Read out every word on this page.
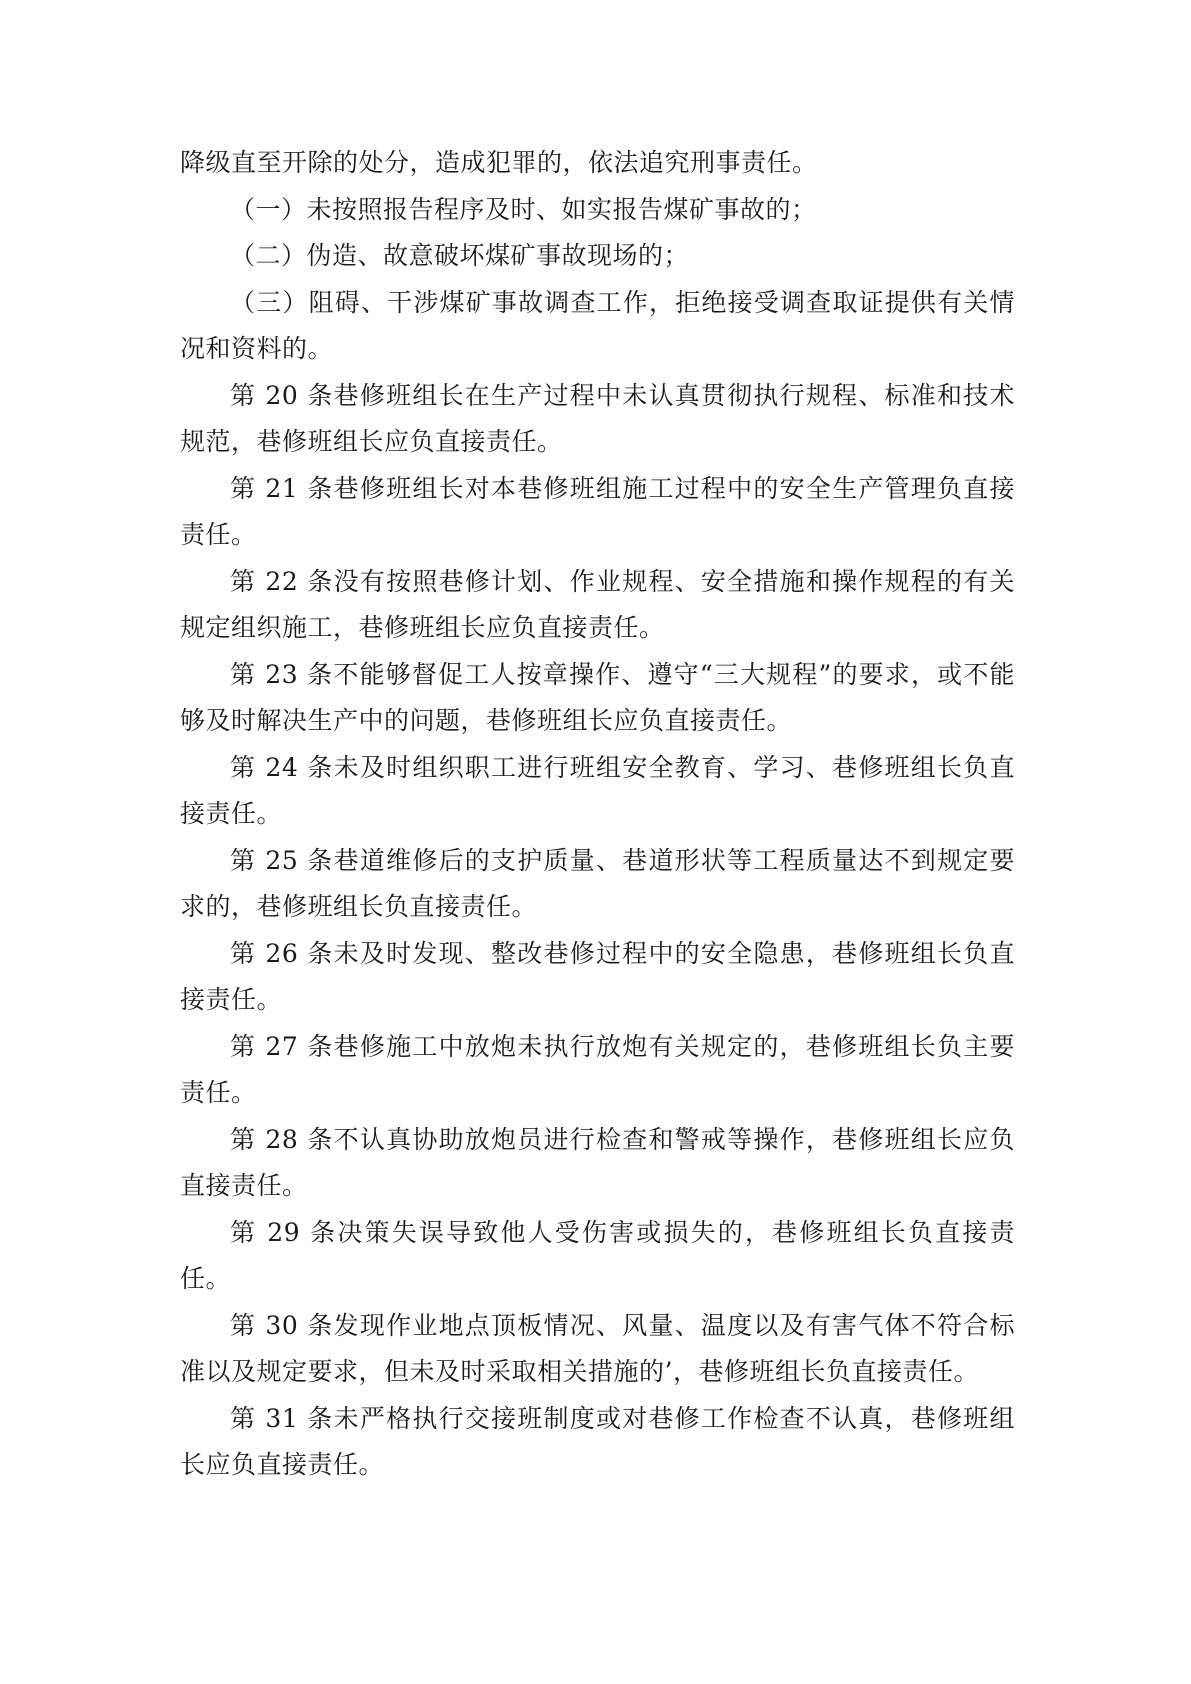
降级直至开除的处分，造成犯罪的，依法追究刑事责任。

（一）未按照报告程序及时、如实报告煤矿事故的；

（二）伪造、故意破坏煤矿事故现场的；

（三）阻碍、干涉煤矿事故调查工作，拒绝接受调查取证提供有关情况和资料的。

第 20 条巷修班组长在生产过程中未认真贯彻执行规程、标准和技术规范，巷修班组长应负直接责任。

第 21 条巷修班组长对本巷修班组施工过程中的安全生产管理负直接责任。

第 22 条没有按照巷修计划、作业规程、安全措施和操作规程的有关规定组织施工，巷修班组长应负直接责任。

第 23 条不能够督促工人按章操作、遵守“三大规程”的要求，或不能够及时解决生产中的问题，巷修班组长应负直接责任。

第 24 条未及时组织职工进行班组安全教育、学习、巷修班组长负直接责任。

第 25 条巷道维修后的支护质量、巷道形状等工程质量达不到规定要求的，巷修班组长负直接责任。

第 26 条未及时发现、整改巷修过程中的安全隐患，巷修班组长负直接责任。

第 27 条巷修施工中放炮未执行放炮有关规定的，巷修班组长负主要责任。

第 28 条不认真协助放炮员进行检查和警戒等操作，巷修班组长应负直接责任。

第 29 条决策失误导致他人受伤害或损失的，巷修班组长负直接责任。

第 30 条发现作业地点顶板情况、风量、温度以及有害气体不符合标准以及规定要求，但未及时采取相关措施的’，巷修班组长负直接责任。

第 31 条未严格执行交接班制度或对巷修工作检查不认真，巷修班组长应负直接责任。
